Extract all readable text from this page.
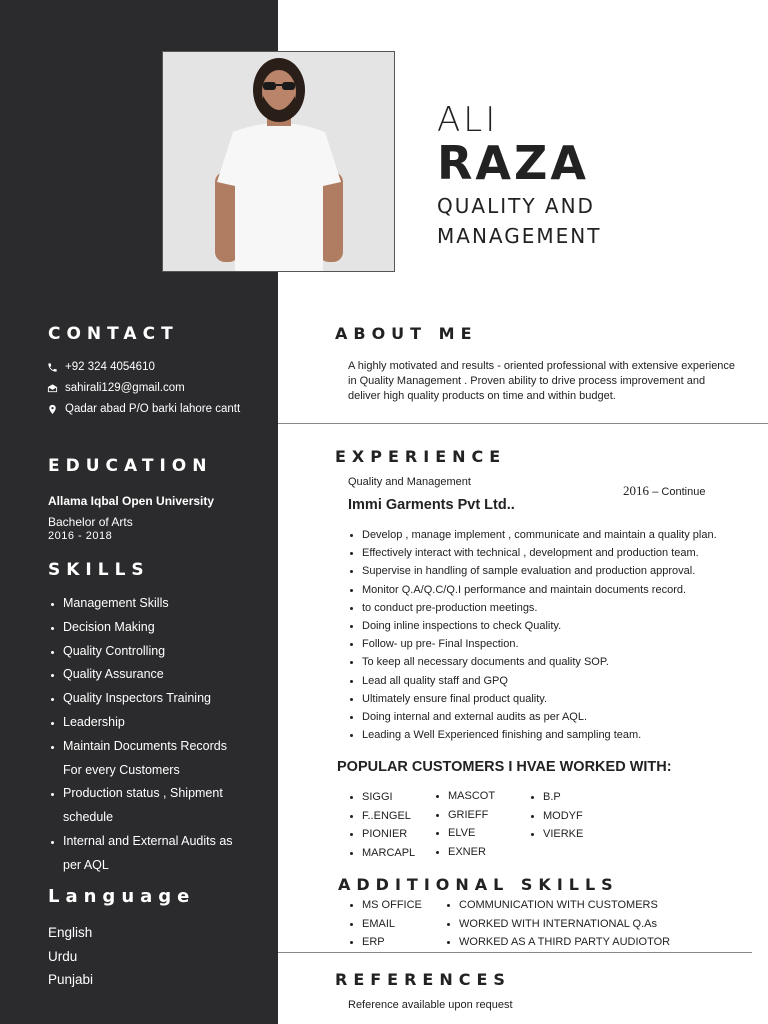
ALI
RAZA
QUALITY AND
MANAGEMENT
CONTACT
+92 324 4054610
sahirali129@gmail.com
Qadar abad P/O barki lahore cantt
EDUCATION
Allama Iqbal Open University
Bachelor of Arts
2016 - 2018
SKILLS
• Management Skills
• Decision Making
• Quality Controlling
• Quality Assurance
• Quality Inspectors Training
• Leadership
• Maintain Documents Records For every Customers
• Production status , Shipment schedule
• Internal and External Audits as per AQL
Language
English
Urdu
Punjabi
ABOUT ME
A highly motivated and results - oriented professional with extensive experience in Quality Management . Proven ability to drive process improvement and deliver high quality products on time and within budget.
EXPERIENCE
Quality and Management
2016 – Continue
Immi Garments Pvt Ltd..
• Develop , manage implement , communicate and maintain a quality plan.
• Effectively interact with technical , development and production team.
• Supervise in handling of sample evaluation and production approval.
• Monitor Q.A/Q.C/Q.I performance and maintain documents record.
• to conduct pre-production meetings.
• Doing inline inspections to check Quality.
• Follow- up pre- Final Inspection.
• To keep all necessary documents and quality SOP.
• Lead all quality staff and GPQ
• Ultimately ensure final product quality.
• Doing internal and external audits as per AQL.
• Leading a Well Experienced finishing and sampling team.
POPULAR CUSTOMERS I HVAE WORKED WITH:
• SIGGI
• F..ENGEL
• PIONIER
• MARCAPL
• MASCOT
• GRIEFF
• ELVE
• EXNER
• B.P
• MODYF
• VIERKE
ADDITIONAL SKILLS
• MS OFFICE
• EMAIL
• ERP
• COMMUNICATION WITH CUSTOMERS
• WORKED WITH INTERNATIONAL Q.As
• WORKED AS A THIRD PARTY AUDIOTOR
REFERENCES
Reference available upon request
